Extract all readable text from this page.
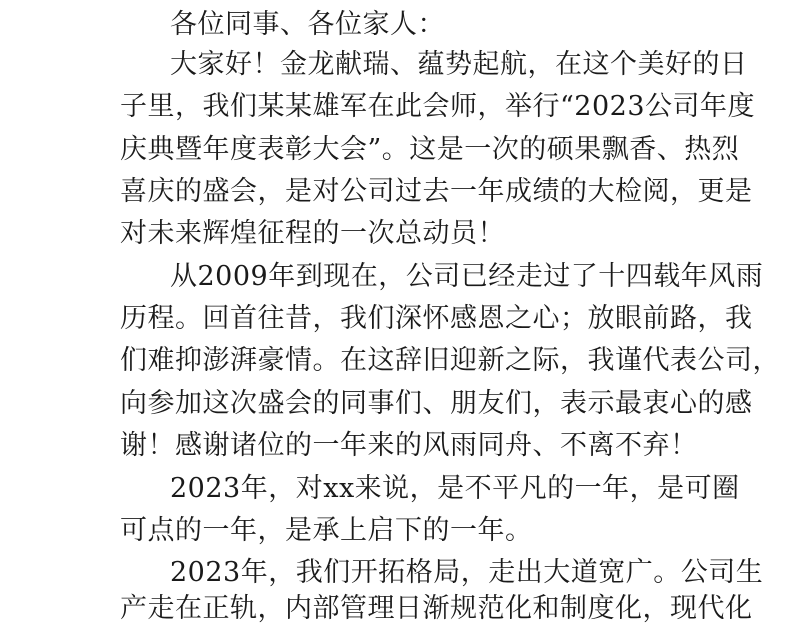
各位同事、各位家人：
大家好！金龙献瑞、蕴势起航，在这个美好的日
子里，我们某某雄军在此会师，举行“2023公司年度
庆典暨年度表彰大会”。这是一次的硕果飘香、热烈
喜庆的盛会，是对公司过去一年成绩的大检阅，更是
对未来辉煌征程的一次总动员！
从2009年到现在，公司已经走过了十四载年风雨
历程。回首往昔，我们深怀感恩之心；放眼前路，我
们难抑澎湃豪情。在这辞旧迎新之际，我谨代表公司，
向参加这次盛会的同事们、朋友们，表示最衷心的感
谢！感谢诸位的一年来的风雨同舟、不离不弃！
2023年，对xx来说，是不平凡的一年，是可圈
可点的一年，是承上启下的一年。
2023年，我们开拓格局，走出大道宽广。公司生
产走在正轨，内部管理日渐规范化和制度化，现代化
